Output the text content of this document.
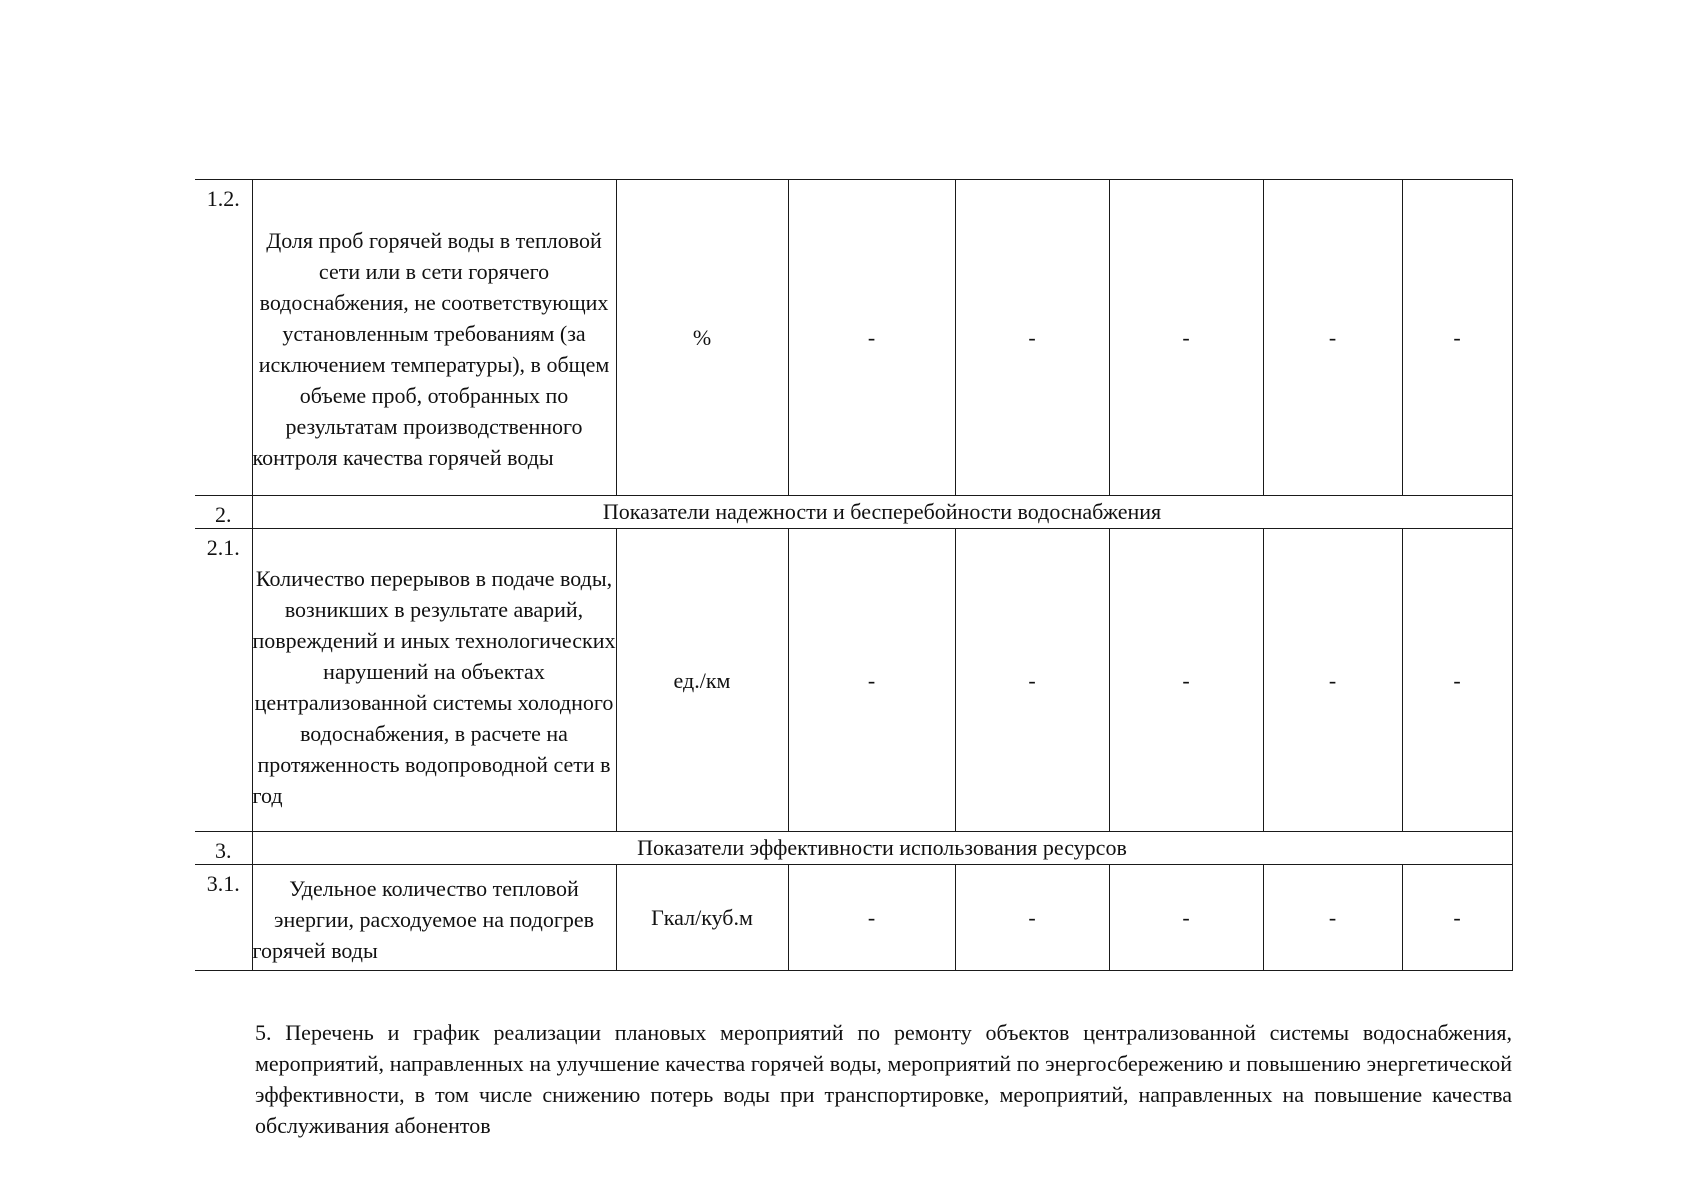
1.2.	Доля проб горячей воды в тепловой сети или в сети горячего водоснабжения, не соответствующих установленным требованиям (за исключением температуры), в общем объеме проб, отобранных по результатам производственного контроля качества горячей воды	%	-	-	-	-	-
2.	Показатели надежности и бесперебойности водоснабжения						
2.1.	Количество перерывов в подаче воды, возникших в результате аварий, повреждений и иных технологических нарушений на объектах централизованной системы холодного водоснабжения, в расчете на протяженность водопроводной сети в год	ед./км	-	-	-	-	-
3.	Показатели эффективности использования ресурсов						
3.1.	Удельное количество тепловой энергии, расходуемое на подогрев горячей воды	Гкал/куб.м	-	-	-	-	-

5. Перечень и график реализации плановых мероприятий по ремонту объектов централизованной системы водоснабжения, мероприятий, направленных на улучшение качества горячей воды, мероприятий по энергосбережению и повышению энергетической эффективности, в том числе снижению потерь воды при транспортировке, мероприятий, направленных на повышение качества обслуживания абонентов
